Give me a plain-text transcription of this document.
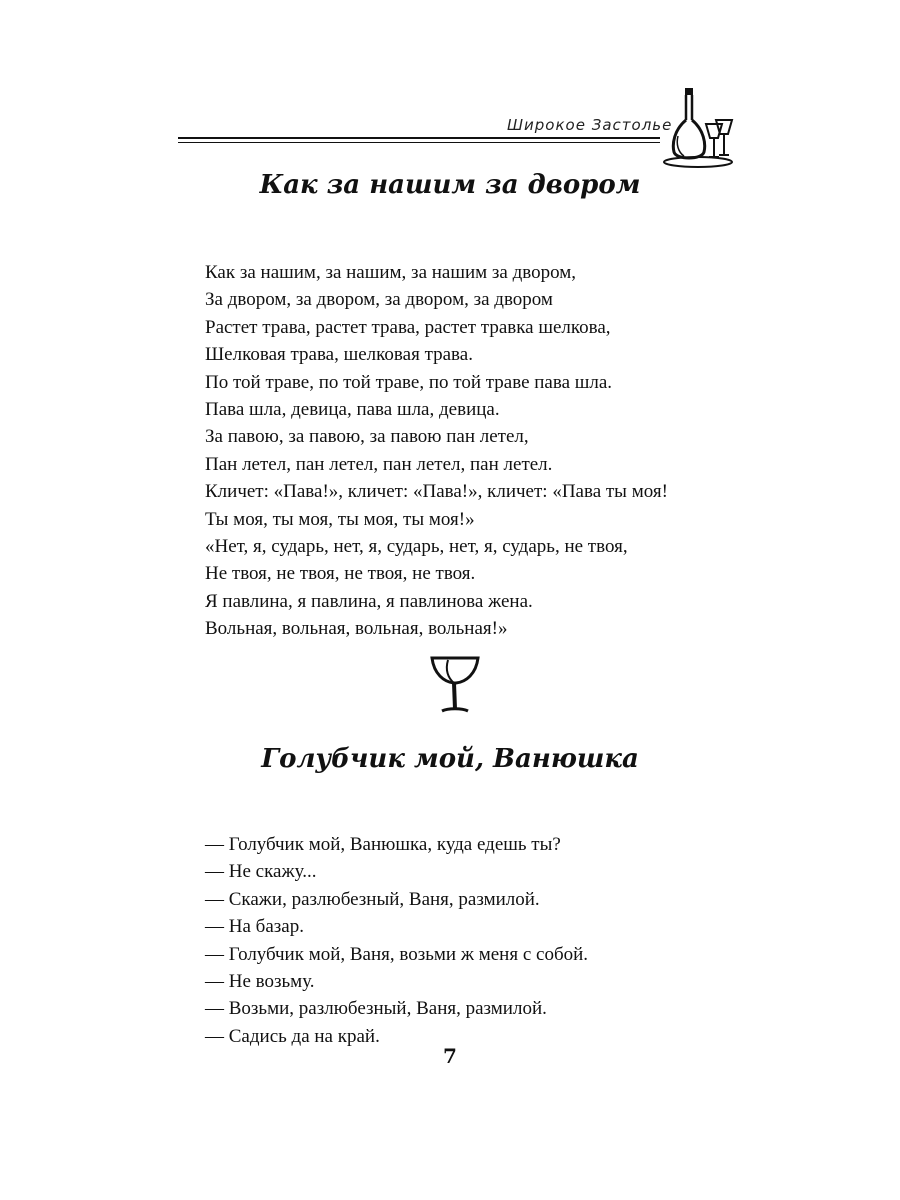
Широкое Застолье
Как за нашим за двором
Как за нашим, за нашим, за нашим за двором,
За двором, за двором, за двором, за двором
Растет трава, растет трава, растет травка шелкова,
Шелковая трава, шелковая трава.
По той траве, по той траве, по той траве пава шла.
Пава шла, девица, пава шла, девица.
За павою, за павою, за павою пан летел,
Пан летел, пан летел, пан летел, пан летел.
Кличет: «Пава!», кличет: «Пава!», кличет: «Пава ты моя!
Ты моя, ты моя, ты моя, ты моя!»
«Нет, я, сударь, нет, я, сударь, нет, я, сударь, не твоя,
Не твоя, не твоя, не твоя, не твоя.
Я павлина, я павлина, я павлинова жена.
Вольная, вольная, вольная, вольная!»
Голубчик мой, Ванюшка
— Голубчик мой, Ванюшка, куда едешь ты?
— Не скажу...
— Скажи, разлюбезный, Ваня, размилой.
— На базар.
— Голубчик мой, Ваня, возьми ж меня с собой.
— Не возьму.
— Возьми, разлюбезный, Ваня, размилой.
— Садись да на край.
7
